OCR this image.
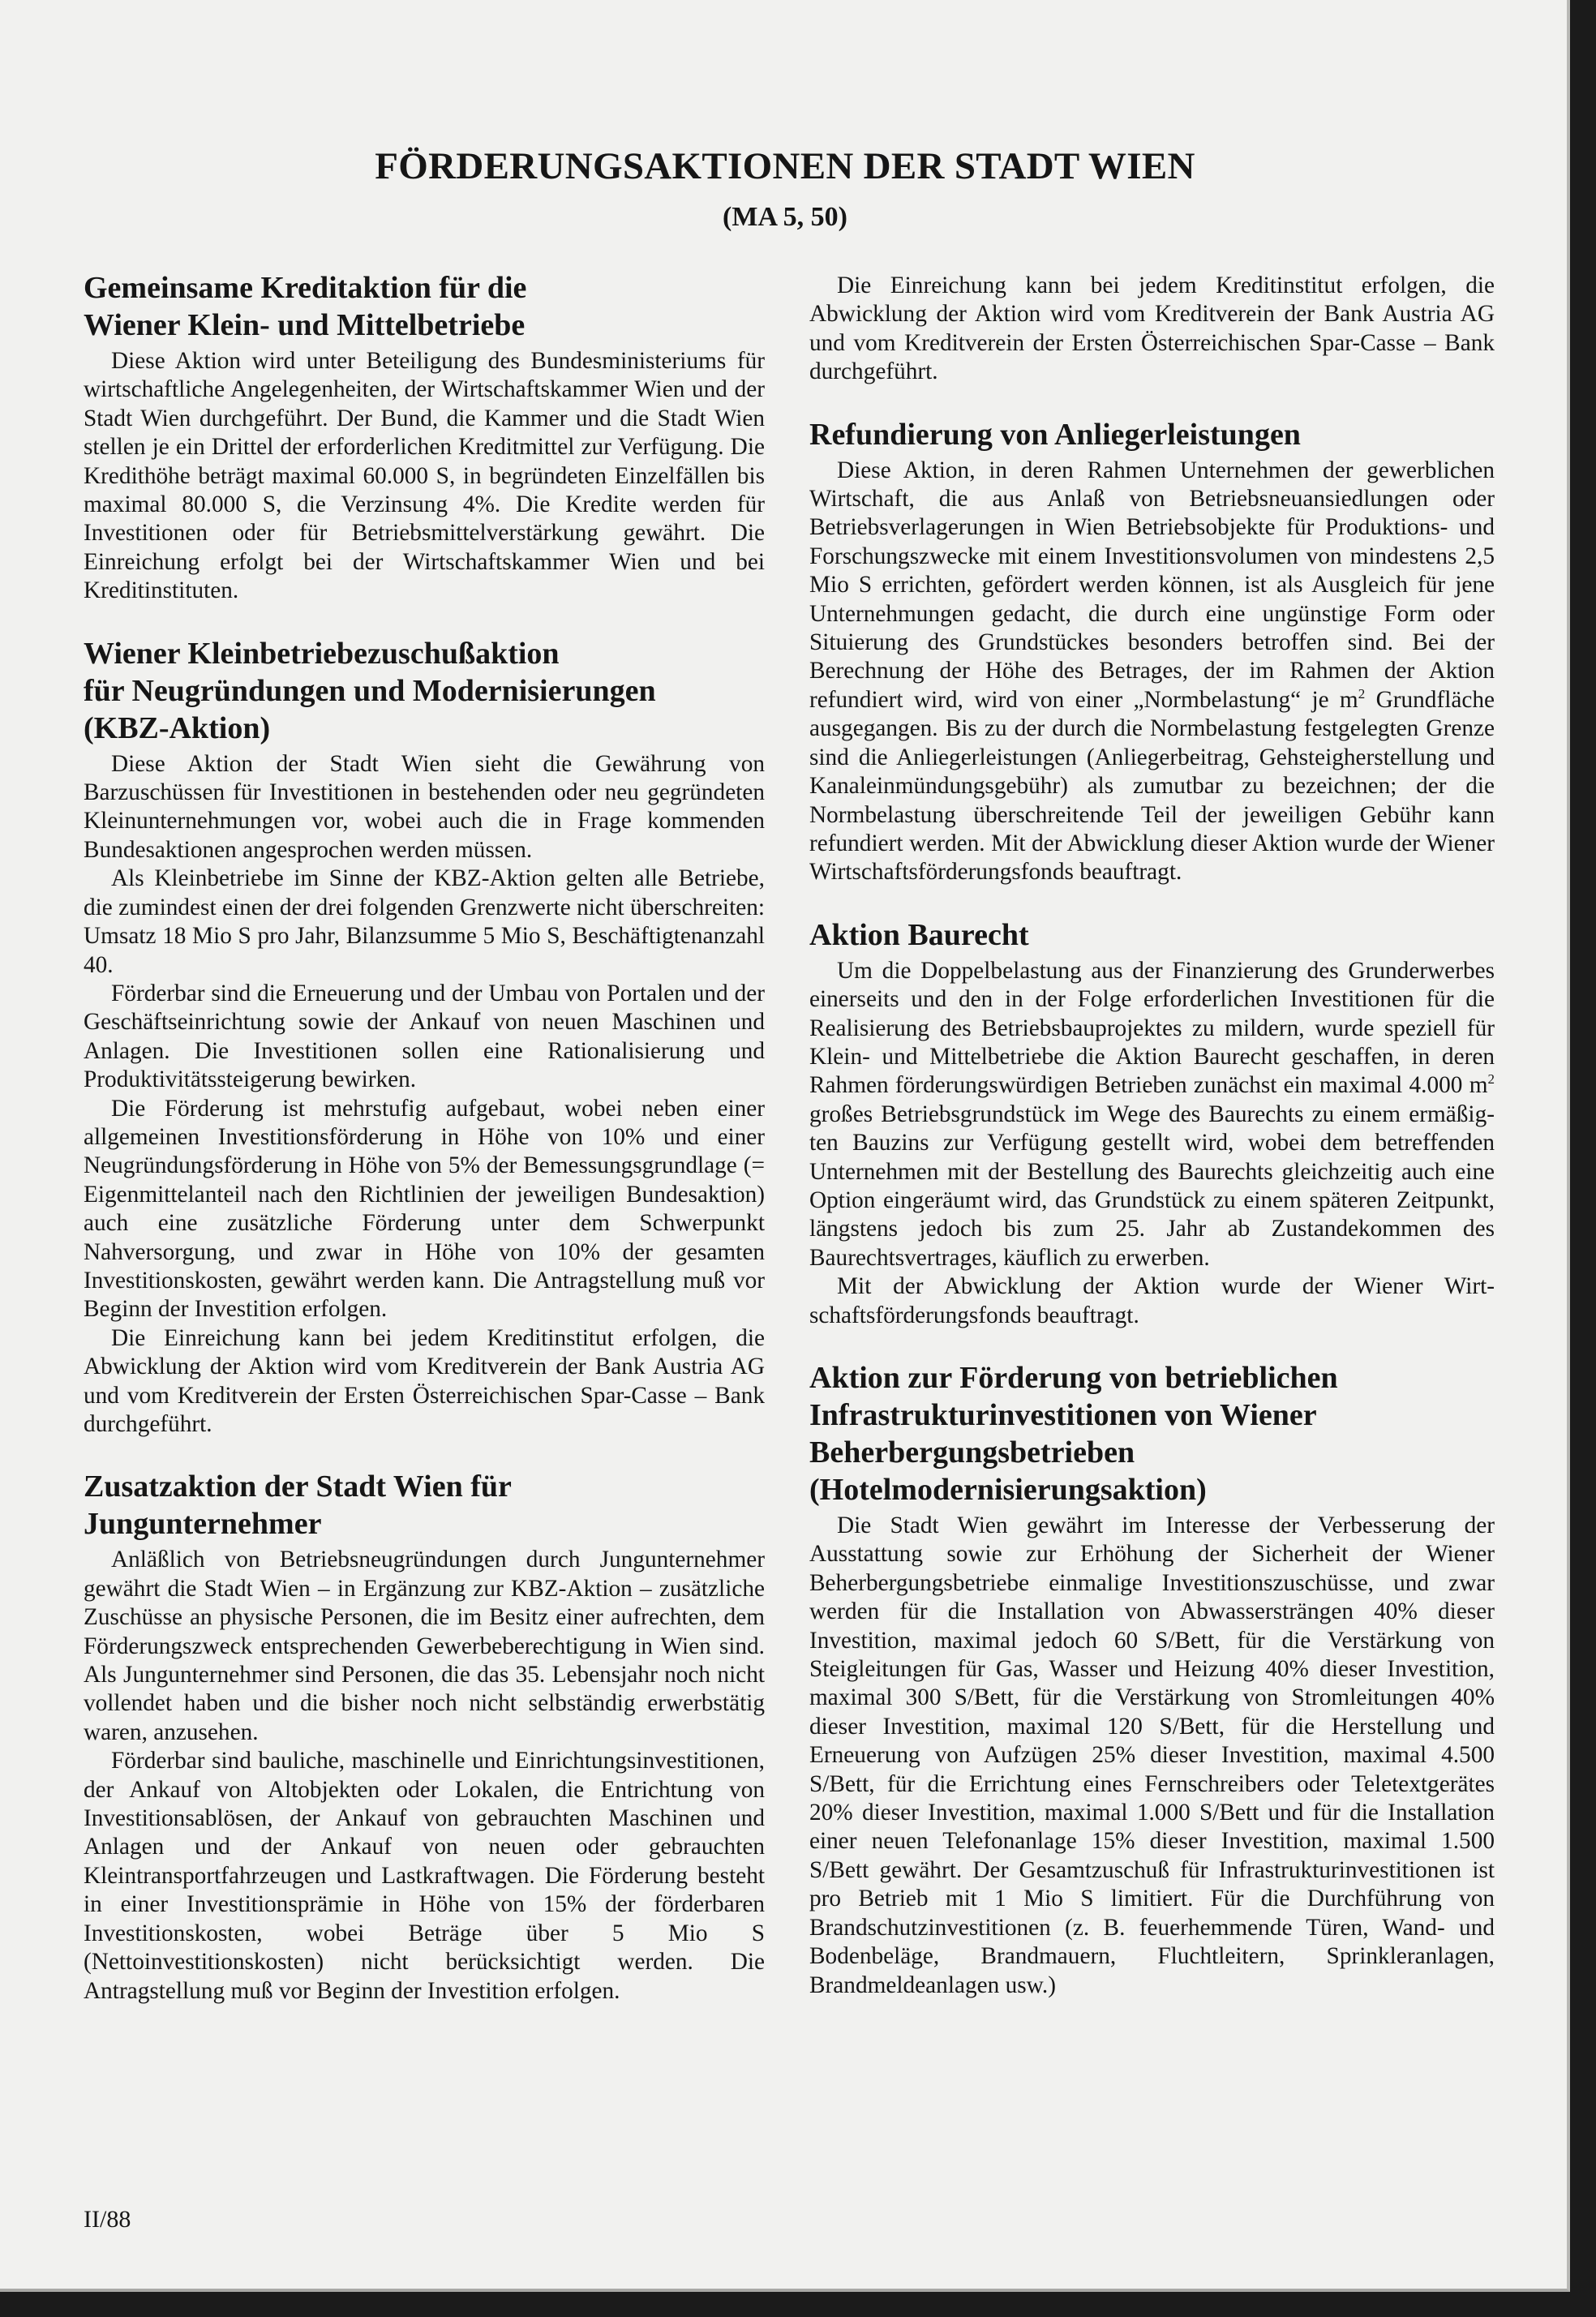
FÖRDERUNGSAKTIONEN DER STADT WIEN
(MA 5, 50)
Gemeinsame Kreditaktion für die
Wiener Klein- und Mittelbetriebe

Diese Aktion wird unter Beteiligung des Bundesministeriums für wirtschaftliche Angelegenheiten, der Wirtschaftskammer Wien und der Stadt Wien durchgeführt. Der Bund, die Kammer und die Stadt Wien stellen je ein Drittel der erforderlichen Kreditmittel zur Verfügung. Die Kredithöhe beträgt maximal 60.000 S, in begründeten Einzelfällen bis maximal 80.000 S, die Verzinsung 4%. Die Kredite werden für Investitionen oder für Betriebsmittelverstärkung gewährt. Die Einreichung erfolgt bei der Wirtschaftskammer Wien und bei Kreditinstituten.

Wiener Kleinbetriebezuschußaktion
für Neugründungen und Modernisierungen
(KBZ-Aktion)

Diese Aktion der Stadt Wien sieht die Gewährung von Barzuschüssen für Investitionen in bestehenden oder neu gegründeten Kleinunternehmungen vor, wobei auch die in Frage kommenden Bundesaktionen angesprochen werden müssen.

Als Kleinbetriebe im Sinne der KBZ-Aktion gelten alle Betriebe, die zumindest einen der drei folgenden Grenzwerte nicht überschreiten: Umsatz 18 Mio S pro Jahr, Bilanzsumme 5 Mio S, Beschäftigtenanzahl 40.

Förderbar sind die Erneuerung und der Umbau von Portalen und der Geschäftseinrichtung sowie der Ankauf von neuen Maschinen und Anlagen. Die Investitionen sollen eine Rationalisierung und Produktivitätssteigerung bewirken.

Die Förderung ist mehrstufig aufgebaut, wobei neben einer allgemeinen Investitionsförderung in Höhe von 10% und einer Neugründungsförderung in Höhe von 5% der Bemessungsgrundlage (= Eigenmittelanteil nach den Richtlinien der jeweiligen Bundesaktion) auch eine zusätzliche Förderung unter dem Schwerpunkt Nahversorgung, und zwar in Höhe von 10% der gesamten Investitionskosten, gewährt werden kann. Die Antragstellung muß vor Beginn der Investition erfolgen.

Die Einreichung kann bei jedem Kreditinstitut erfolgen, die Abwicklung der Aktion wird vom Kreditverein der Bank Austria AG und vom Kreditverein der Ersten Österreichischen Spar-Casse – Bank durchgeführt.

Zusatzaktion der Stadt Wien für
Jungunternehmer

Anläßlich von Betriebsneugründungen durch Jungunternehmer gewährt die Stadt Wien – in Ergänzung zur KBZ-Aktion – zusätzliche Zuschüsse an physische Personen, die im Besitz einer aufrechten, dem Förderungszweck entsprechenden Gewerbeberechtigung in Wien sind. Als Jungunternehmer sind Personen, die das 35. Lebensjahr noch nicht vollendet haben und die bisher noch nicht selbständig erwerbstätig waren, anzusehen.

Förderbar sind bauliche, maschinelle und Einrichtungsinvestitionen, der Ankauf von Altobjekten oder Lokalen, die Entrichtung von Investitionsablösen, der Ankauf von gebrauchten Maschinen und Anlagen und der Ankauf von neuen oder gebrauchten Kleintransportfahrzeugen und Lastkraftwagen. Die Förderung besteht in einer Investitionsprämie in Höhe von 15% der förderbaren Investitionskosten, wobei Beträge über 5 Mio S (Nettoinvestitionskosten) nicht berücksichtigt werden. Die Antragstellung muß vor Beginn der Investition erfolgen.

Die Einreichung kann bei jedem Kreditinstitut erfolgen, die Abwicklung der Aktion wird vom Kreditverein der Bank Austria AG und vom Kreditverein der Ersten Österreichischen Spar-Casse – Bank durchgeführt.

Refundierung von Anliegerleistungen

Diese Aktion, in deren Rahmen Unternehmen der gewerblichen Wirtschaft, die aus Anlaß von Betriebsneuansiedlungen oder Betriebsverlagerungen in Wien Betriebsobjekte für Produktions- und Forschungszwecke mit einem Investitionsvolumen von mindestens 2,5 Mio S errichten, gefördert werden können, ist als Ausgleich für jene Unternehmungen gedacht, die durch eine ungünstige Form oder Situierung des Grundstückes besonders betroffen sind. Bei der Berechnung der Höhe des Betrages, der im Rahmen der Aktion refundiert wird, wird von einer „Normbelastung“ je $m^2$ Grundfläche ausgegangen. Bis zu der durch die Normbelastung festgelegten Grenze sind die Anliegerleistungen (Anliegerbeitrag, Gehsteigherstellung und Kanaleinmündungsgebühr) als zumutbar zu bezeichnen; der die Normbelastung überschreitende Teil der jeweiligen Gebühr kann refundiert werden. Mit der Abwicklung dieser Aktion wurde der Wiener Wirtschaftsförderungsfonds beauftragt.

Aktion Baurecht

Um die Doppelbelastung aus der Finanzierung des Grunderwerbes einerseits und den in der Folge erforderlichen Investitionen für die Realisierung des Betriebsbauprojektes zu mildern, wurde speziell für Klein- und Mittelbetriebe die Aktion Baurecht geschaffen, in deren Rahmen förderungswürdigen Betrieben zunächst ein maximal 4.000 $m^2$ großes Betriebsgrundstück im Wege des Baurechts zu einem ermäßigten Bauzins zur Verfügung gestellt wird, wobei dem betreffenden Unternehmen mit der Bestellung des Baurechts gleichzeitig auch eine Option eingeräumt wird, das Grundstück zu einem späteren Zeitpunkt, längstens jedoch bis zum 25. Jahr ab Zustandekommen des Baurechtsvertrages, käuflich zu erwerben.

Mit der Abwicklung der Aktion wurde der Wiener Wirtschaftsförderungsfonds beauftragt.

Aktion zur Förderung von betrieblichen
Infrastrukturinvestitionen von Wiener
Beherbergungsbetrieben
(Hotelmodernisierungsaktion)

Die Stadt Wien gewährt im Interesse der Verbesserung der Ausstattung sowie zur Erhöhung der Sicherheit der Wiener Beherbergungsbetriebe einmalige Investitionszuschüsse, und zwar werden für die Installation von Abwassersträngen 40% dieser Investition, maximal jedoch 60 S/Bett, für die Verstärkung von Steigleitungen für Gas, Wasser und Heizung 40% dieser Investition, maximal 300 S/Bett, für die Verstärkung von Stromleitungen 40% dieser Investition, maximal 120 S/Bett, für die Herstellung und Erneuerung von Aufzügen 25% dieser Investition, maximal 4.500 S/Bett, für die Errichtung eines Fernschreibers oder Teletextgerätes 20% dieser Investition, maximal 1.000 S/Bett und für die Installation einer neuen Telefonanlage 15% dieser Investition, maximal 1.500 S/Bett gewährt. Der Gesamtzuschuß für Infrastrukturinvestitionen ist pro Betrieb mit 1 Mio S limitiert. Für die Durchführung von Brandschutzinvestitionen (z. B. feuerhemmende Türen, Wand- und Bodenbeläge, Brandmauern, Fluchtleitern, Sprinkleranlagen, Brandmeldeanlagen usw.)

II/88
